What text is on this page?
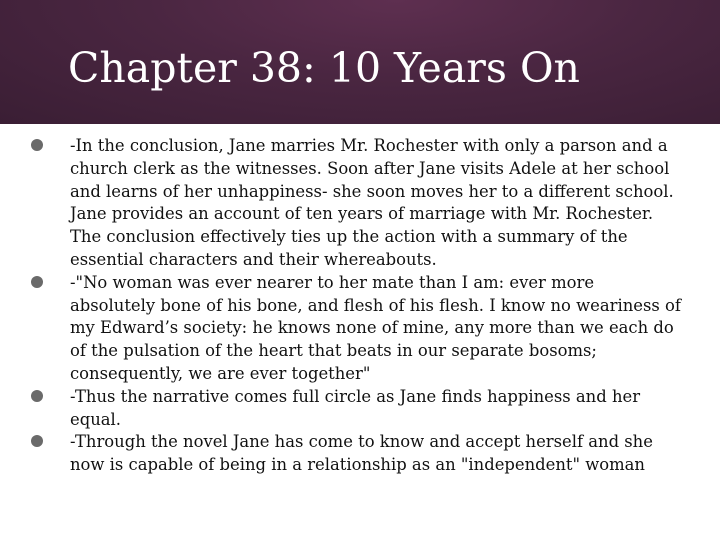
Chapter 38: 10 Years On
-In the conclusion, Jane marries Mr. Rochester with only a parson and a church clerk as the witnesses. Soon after Jane visits Adele at her school and learns of her unhappiness- she soon moves her to a different school. Jane provides an account of ten years of marriage with Mr. Rochester. The conclusion effectively ties up the action with a summary of the essential characters and their whereabouts.
-"No woman was ever nearer to her mate than I am: ever more absolutely bone of his bone, and flesh of his flesh. I know no weariness of my Edward’s society: he knows none of mine, any more than we each do of the pulsation of the heart that beats in our separate bosoms; consequently, we are ever together"
-Thus the narrative comes full circle as Jane finds happiness and her equal.
-Through the novel Jane has come to know and accept herself and she now is capable of being in a relationship as an "independent" woman
